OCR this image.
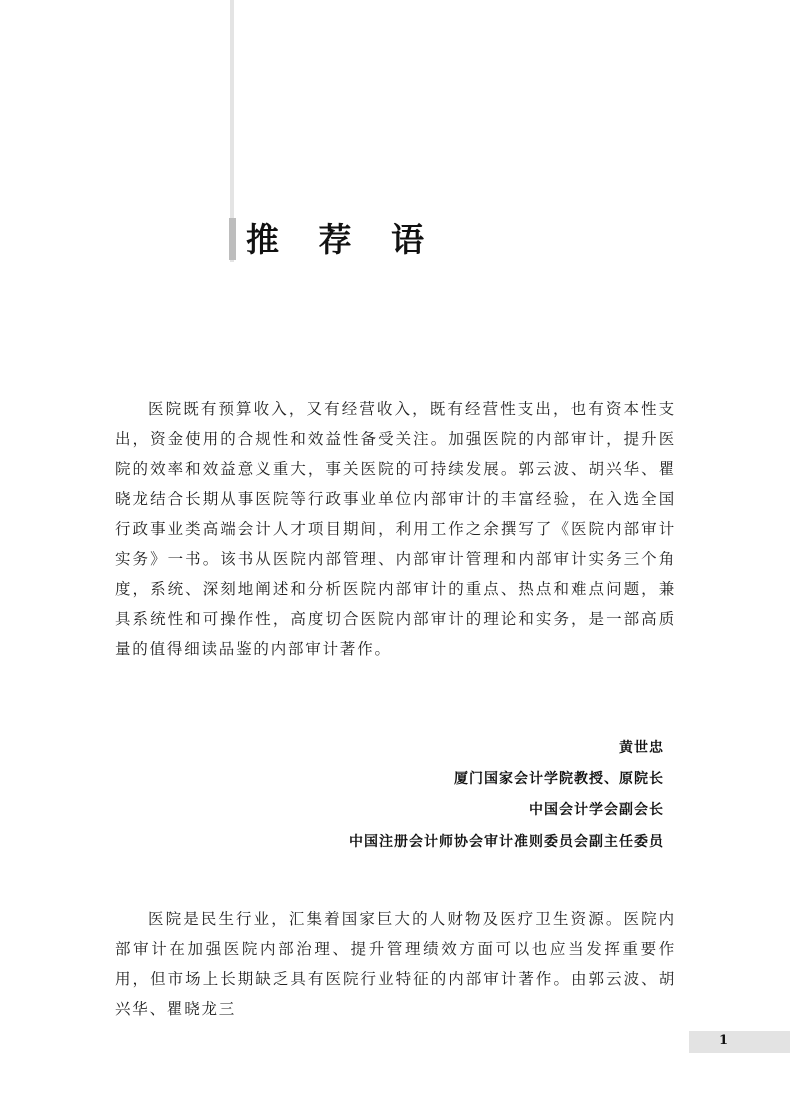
推 荐 语

医院既有预算收入，又有经营收入，既有经营性支出，也有资本性支出，资金使用的合规性和效益性备受关注。加强医院的内部审计，提升医院的效率和效益意义重大，事关医院的可持续发展。郭云波、胡兴华、瞿晓龙结合长期从事医院等行政事业单位内部审计的丰富经验，在入选全国行政事业类高端会计人才项目期间，利用工作之余撰写了《医院内部审计实务》一书。该书从医院内部管理、内部审计管理和内部审计实务三个角度，系统、深刻地阐述和分析医院内部审计的重点、热点和难点问题，兼具系统性和可操作性，高度切合医院内部审计的理论和实务，是一部高质量的值得细读品鉴的内部审计著作。

黄世忠
厦门国家会计学院教授、原院长
中国会计学会副会长
中国注册会计师协会审计准则委员会副主任委员

医院是民生行业，汇集着国家巨大的人财物及医疗卫生资源。医院内部审计在加强医院内部治理、提升管理绩效方面可以也应当发挥重要作用，但市场上长期缺乏具有医院行业特征的内部审计著作。由郭云波、胡兴华、瞿晓龙三

1
